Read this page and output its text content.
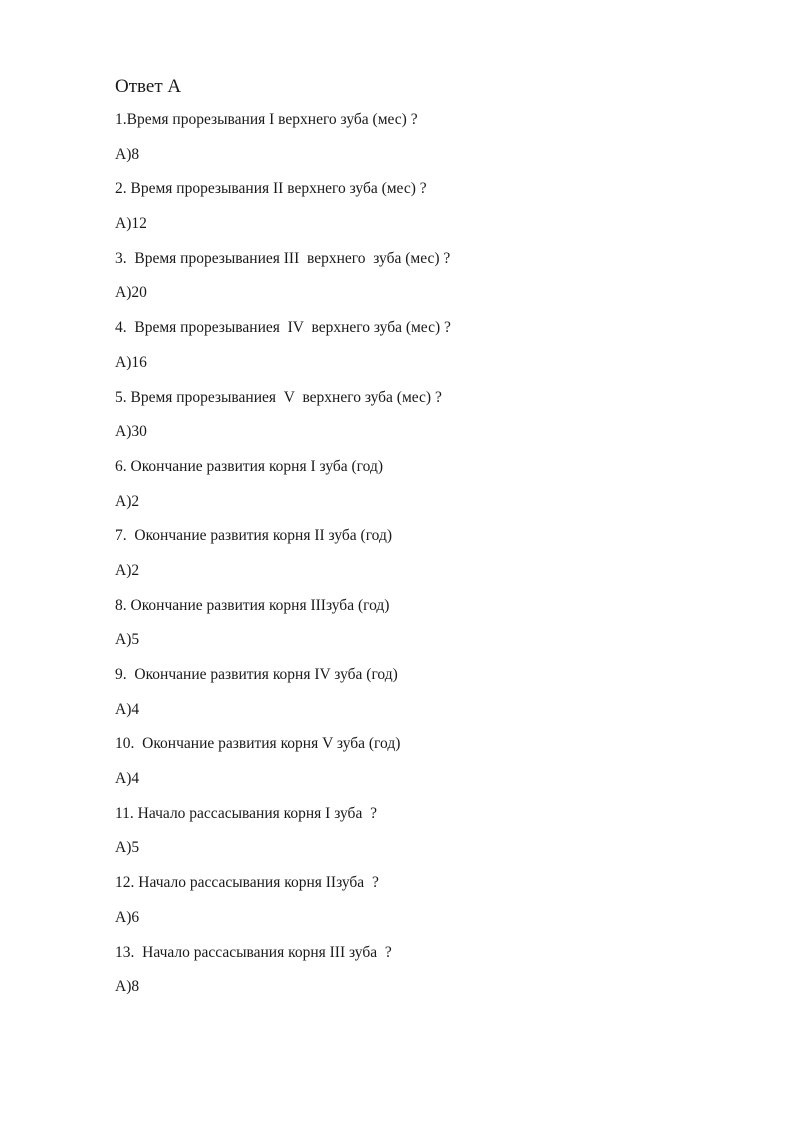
Ответ А
1.Время прорезывания I верхнего зуба (мес) ?
А)8
2. Время прорезывания II верхнего зуба (мес) ?
А)12
3.  Время прорезываниея III  верхнего  зуба (мес) ?
А)20
4.  Время прорезываниея  IV  верхнего зуба (мес) ?
А)16
5. Время прорезываниея  V  верхнего зуба (мес) ?
А)30
6. Окончание развития корня I зуба (год)
А)2
7.  Окончание развития корня II зуба (год)
А)2
8. Окончание развития корня IIIзуба (год)
А)5
9.  Окончание развития корня IV зуба (год)
А)4
10.  Окончание развития корня V зуба (год)
А)4
11. Начало рассасывания корня I зуба  ?
А)5
12. Начало рассасывания корня IIзуба  ?
А)6
13.  Начало рассасывания корня III зуба  ?
А)8
